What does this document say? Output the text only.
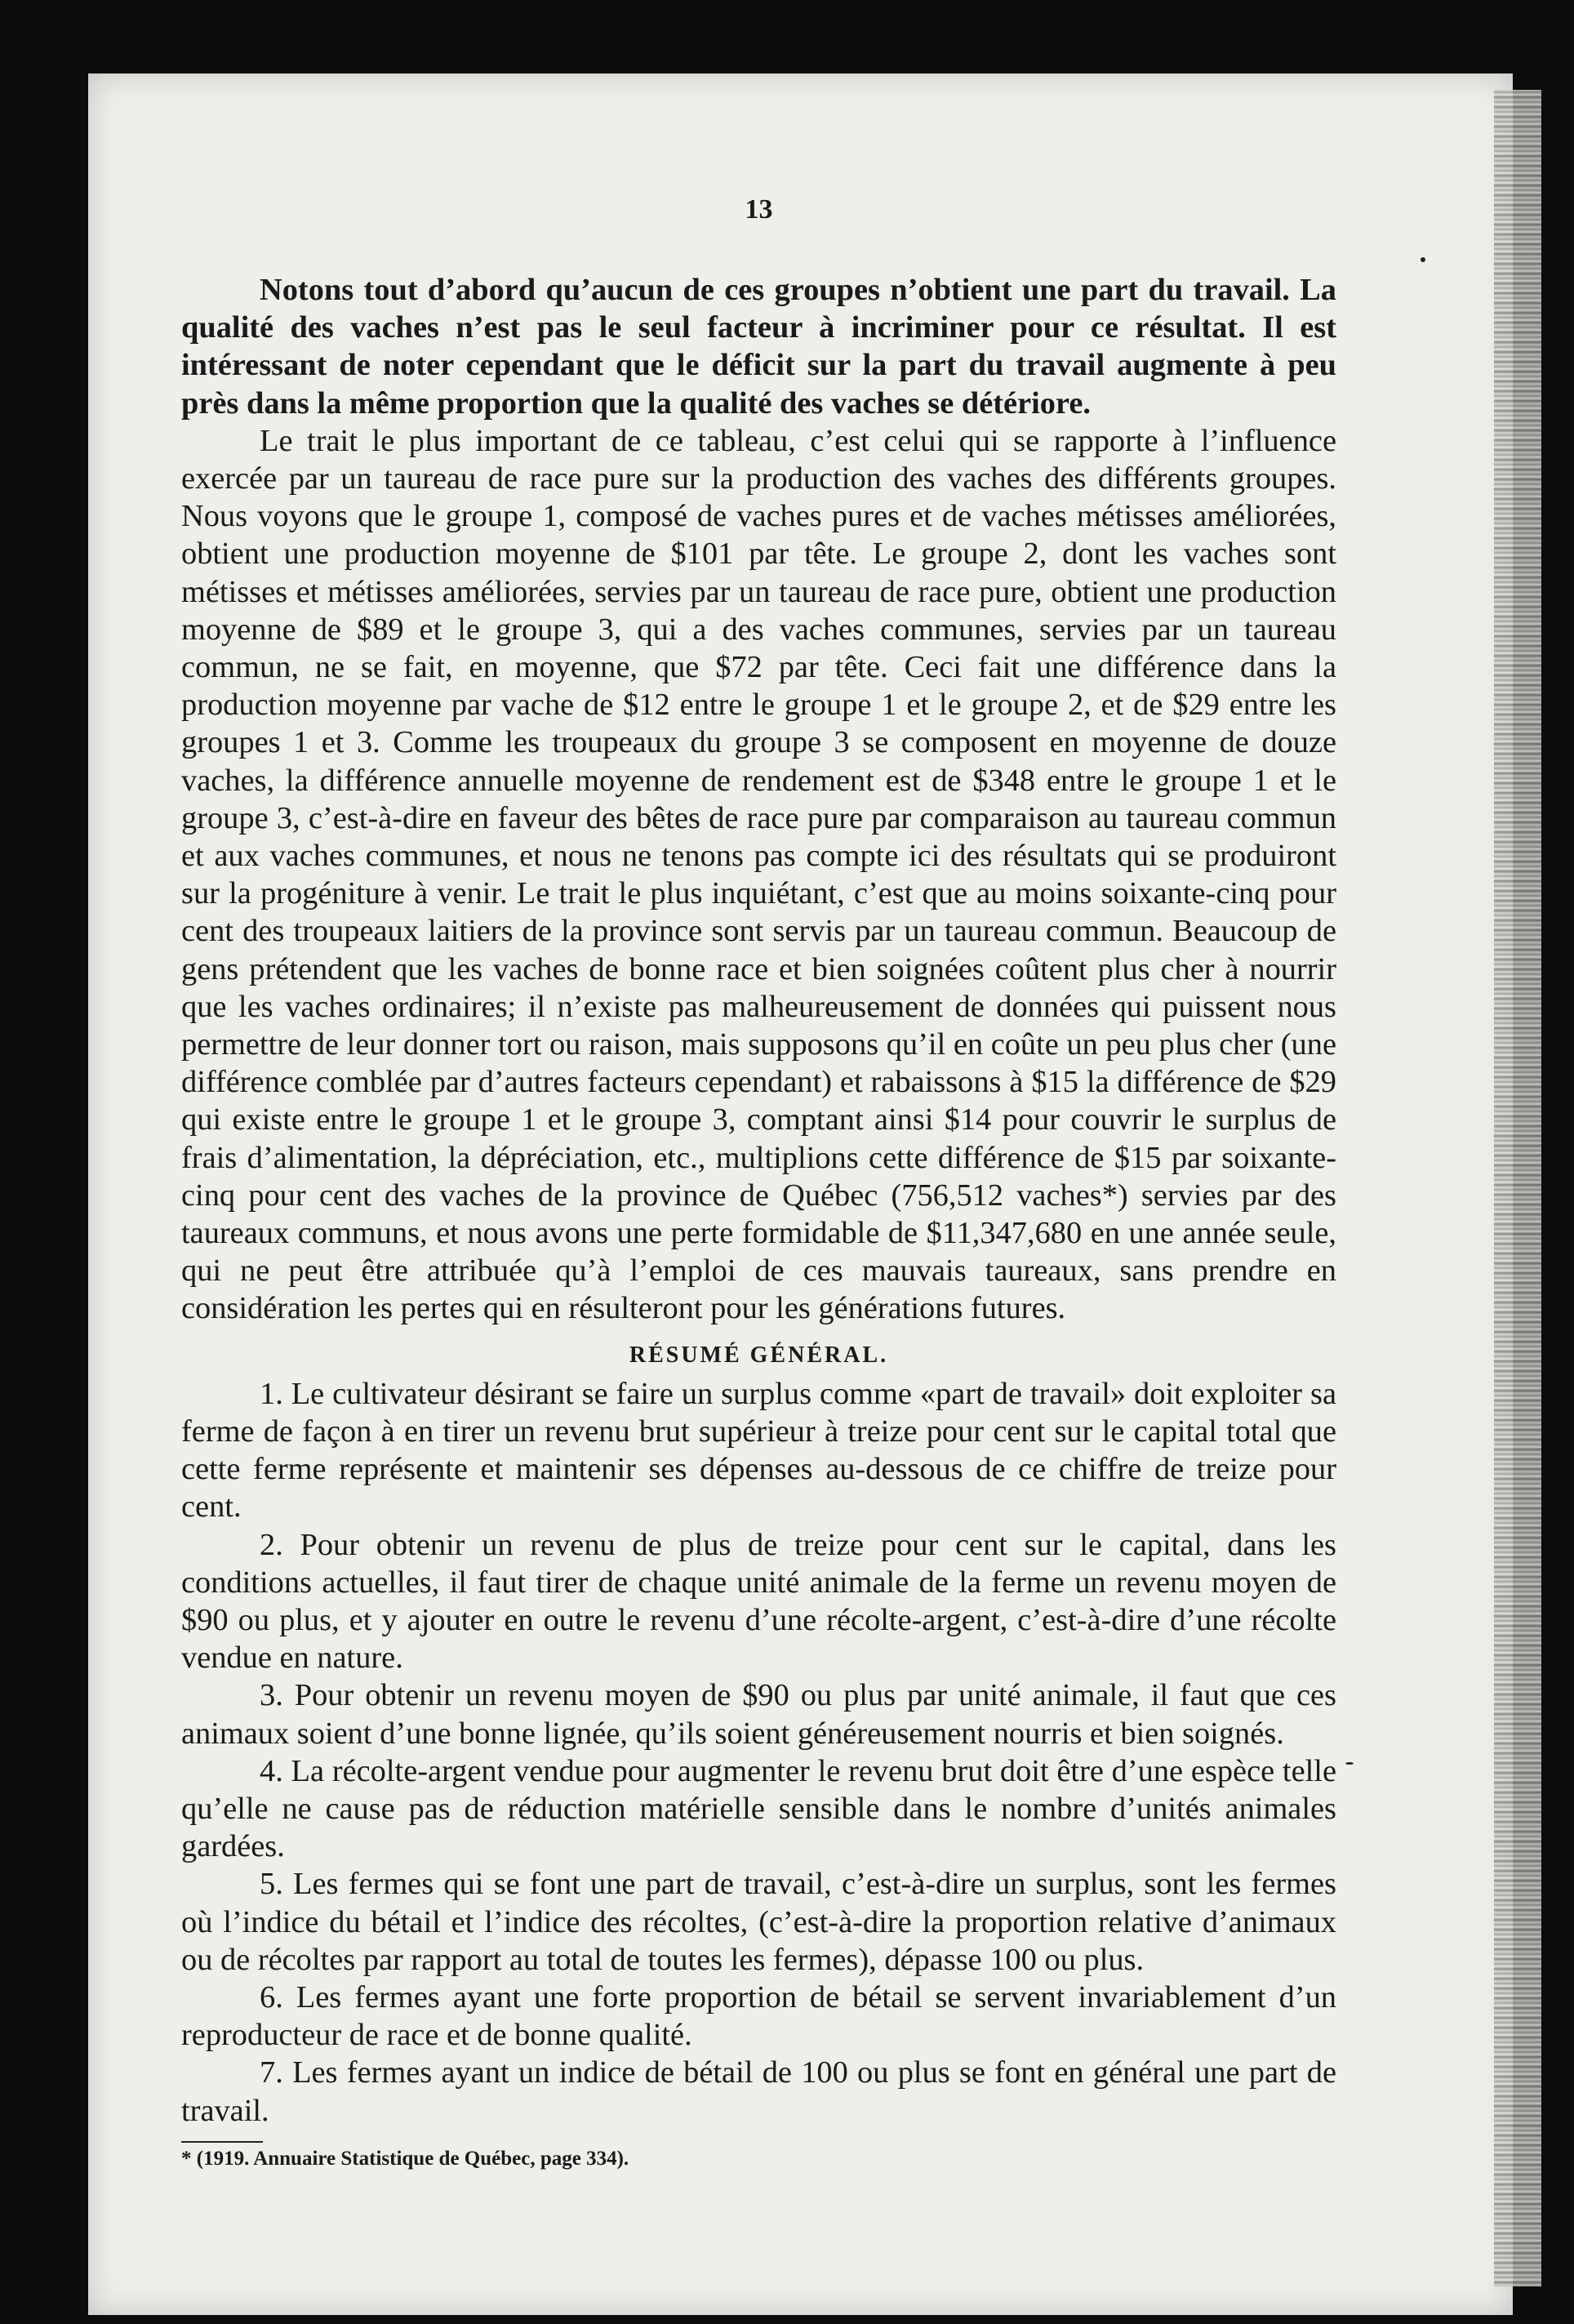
13

Notons tout d’abord qu’aucun de ces groupes n’obtient une part du travail. La qualité des vaches n’est pas le seul facteur à incriminer pour ce résultat. Il est intéressant de noter cependant que le déficit sur la part du travail augmente à peu près dans la même proportion que la qualité des vaches se détériore.

Le trait le plus important de ce tableau, c’est celui qui se rapporte à l’influence exercée par un taureau de race pure sur la production des vaches des différents groupes. Nous voyons que le groupe 1, composé de vaches pures et de vaches métisses améliorées, obtient une production moyenne de $101 par tête. Le groupe 2, dont les vaches sont métisses et métisses améliorées, servies par un taureau de race pure, obtient une production moyenne de $89 et le groupe 3, qui a des vaches communes, servies par un taureau commun, ne se fait, en moyenne, que $72 par tête. Ceci fait une différence dans la production moyenne par vache de $12 entre le groupe 1 et le groupe 2, et de $29 entre les groupes 1 et 3. Comme les troupeaux du groupe 3 se composent en moyenne de douze vaches, la différence annuelle moyenne de rendement est de $348 entre le groupe 1 et le groupe 3, c’est-à-dire en faveur des bêtes de race pure par comparaison au taureau commun et aux vaches communes, et nous ne tenons pas compte ici des résultats qui se produiront sur la progéniture à venir. Le trait le plus inquiétant, c’est que au moins soixante-cinq pour cent des troupeaux laitiers de la province sont servis par un taureau commun. Beaucoup de gens prétendent que les vaches de bonne race et bien soignées coûtent plus cher à nourrir que les vaches ordinaires; il n’existe pas malheureusement de données qui puissent nous permettre de leur donner tort ou raison, mais supposons qu’il en coûte un peu plus cher (une différence comblée par d’autres facteurs cependant) et rabaissons à $15 la différence de $29 qui existe entre le groupe 1 et le groupe 3, comptant ainsi $14 pour couvrir le surplus de frais d’alimentation, la dépréciation, etc., multiplions cette différence de $15 par soixante-cinq pour cent des vaches de la province de Québec (756,512 vaches*) servies par des taureaux communs, et nous avons une perte formidable de $11,347,680 en une année seule, qui ne peut être attribuée qu’à l’emploi de ces mauvais taureaux, sans prendre en considération les pertes qui en résulteront pour les générations futures.

RÉSUMÉ GÉNÉRAL.

1. Le cultivateur désirant se faire un surplus comme «part de travail» doit exploiter sa ferme de façon à en tirer un revenu brut supérieur à treize pour cent sur le capital total que cette ferme représente et maintenir ses dépenses au-dessous de ce chiffre de treize pour cent.

2. Pour obtenir un revenu de plus de treize pour cent sur le capital, dans les conditions actuelles, il faut tirer de chaque unité animale de la ferme un revenu moyen de $90 ou plus, et y ajouter en outre le revenu d’une récolte-argent, c’est-à-dire d’une récolte vendue en nature.

3. Pour obtenir un revenu moyen de $90 ou plus par unité animale, il faut que ces animaux soient d’une bonne lignée, qu’ils soient généreusement nourris et bien soignés.

4. La récolte-argent vendue pour augmenter le revenu brut doit être d’une espèce telle qu’elle ne cause pas de réduction matérielle sensible dans le nombre d’unités animales gardées.

5. Les fermes qui se font une part de travail, c’est-à-dire un surplus, sont les fermes où l’indice du bétail et l’indice des récoltes, (c’est-à-dire la proportion relative d’animaux ou de récoltes par rapport au total de toutes les fermes), dépasse 100 ou plus.

6. Les fermes ayant une forte proportion de bétail se servent invariablement d’un reproducteur de race et de bonne qualité.

7. Les fermes ayant un indice de bétail de 100 ou plus se font en général une part de travail.

* (1919. Annuaire Statistique de Québec, page 334).
